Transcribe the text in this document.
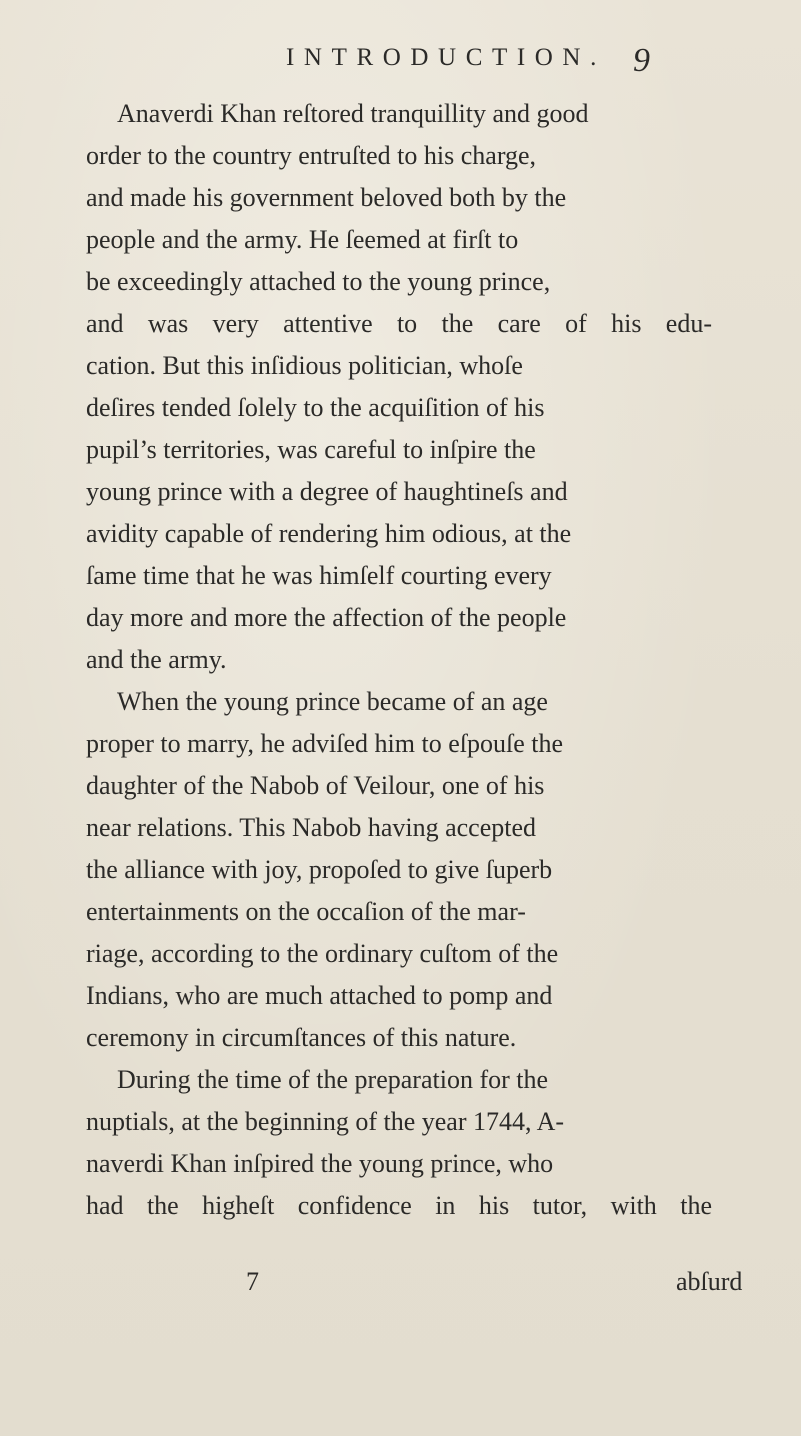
INTRODUCTION. 9
Anaverdi Khan reſtored tranquillity and good
order to the country entruſted to his charge,
and made his government beloved both by the
people and the army. He ſeemed at firſt to
be exceedingly attached to the young prince,
and was very attentive to the care of his edu-
cation. But this inſidious politician, whoſe
deſires tended ſolely to the acquiſition of his
pupil’s territories, was careful to inſpire the
young prince with a degree of haughtineſs and
avidity capable of rendering him odious, at the
ſame time that he was himſelf courting every
day more and more the affection of the people
and the army.
When the young prince became of an age
proper to marry, he adviſed him to eſpouſe the
daughter of the Nabob of Veilour, one of his
near relations. This Nabob having accepted
the alliance with joy, propoſed to give ſuperb
entertainments on the occaſion of the mar-
riage, according to the ordinary cuſtom of the
Indians, who are much attached to pomp and
ceremony in circumſtances of this nature.
During the time of the preparation for the
nuptials, at the beginning of the year 1744, A-
naverdi Khan inſpired the young prince, who
had the higheſt confidence in his tutor, with the
7	abſurd
